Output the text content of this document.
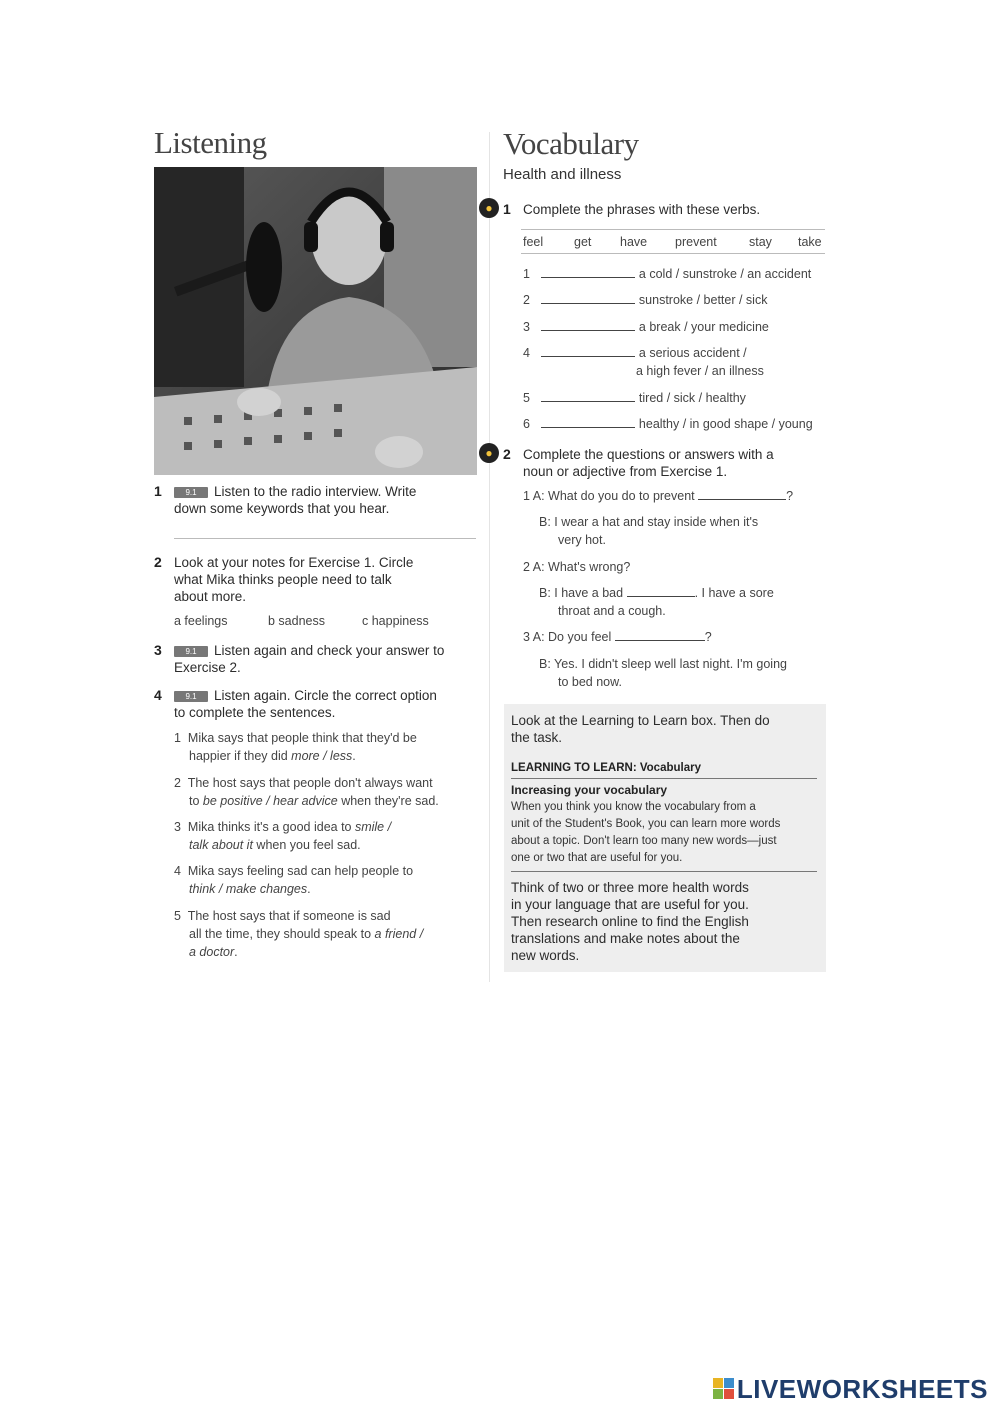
Listening
1	9.1 Listen to the radio interview. Write
down some keywords that you hear.
2 Look at your notes for Exercise 1. Circle
what Mika thinks people need to talk
about more.
a feelings	b sadness	c happiness
3	9.1 Listen again and check your answer to
Exercise 2.
4	9.1 Listen again. Circle the correct option
to complete the sentences.
1 Mika says that people think that they'd be
happier if they did more / less.
2 The host says that people don't always want
to be positive / hear advice when they're sad.
3 Mika thinks it's a good idea to smile /
talk about it when you feel sad.
4 Mika says feeling sad can help people to
think / make changes.
5 The host says that if someone is sad
all the time, they should speak to a friend /
a doctor.
Vocabulary
Health and illness
● 1 Complete the phrases with these verbs.
feel get have prevent	stay take
1	a cold / sunstroke / an accident
2	sunstroke / better / sick
3	a break / your medicine
4	a serious accident /
a high fever / an illness
5	tired / sick / healthy
6	healthy / in good shape / young
● 2 Complete the questions or answers with a
noun or adjective from Exercise 1.
1 A: What do you do to prevent	?
B: I wear a hat and stay inside when it's
very hot.
2 A: What's wrong?
B: I have a bad	. I have a sore
throat and a cough.
3 A: Do you feel	?
B: Yes. I didn't sleep well last night. I'm going
to bed now.
Look at the Learning to Learn box. Then do
the task.
LEARNING TO LEARN: Vocabulary
Increasing your vocabulary
When you think you know the vocabulary from a
unit of the Student's Book, you can learn more words
about a topic. Don't learn too many new words—just
one or two that are useful for you.
Think of two or three more health words
in your language that are useful for you.
Then research online to find the English
translations and make notes about the
new words.
LIVEWORKSHEETS
